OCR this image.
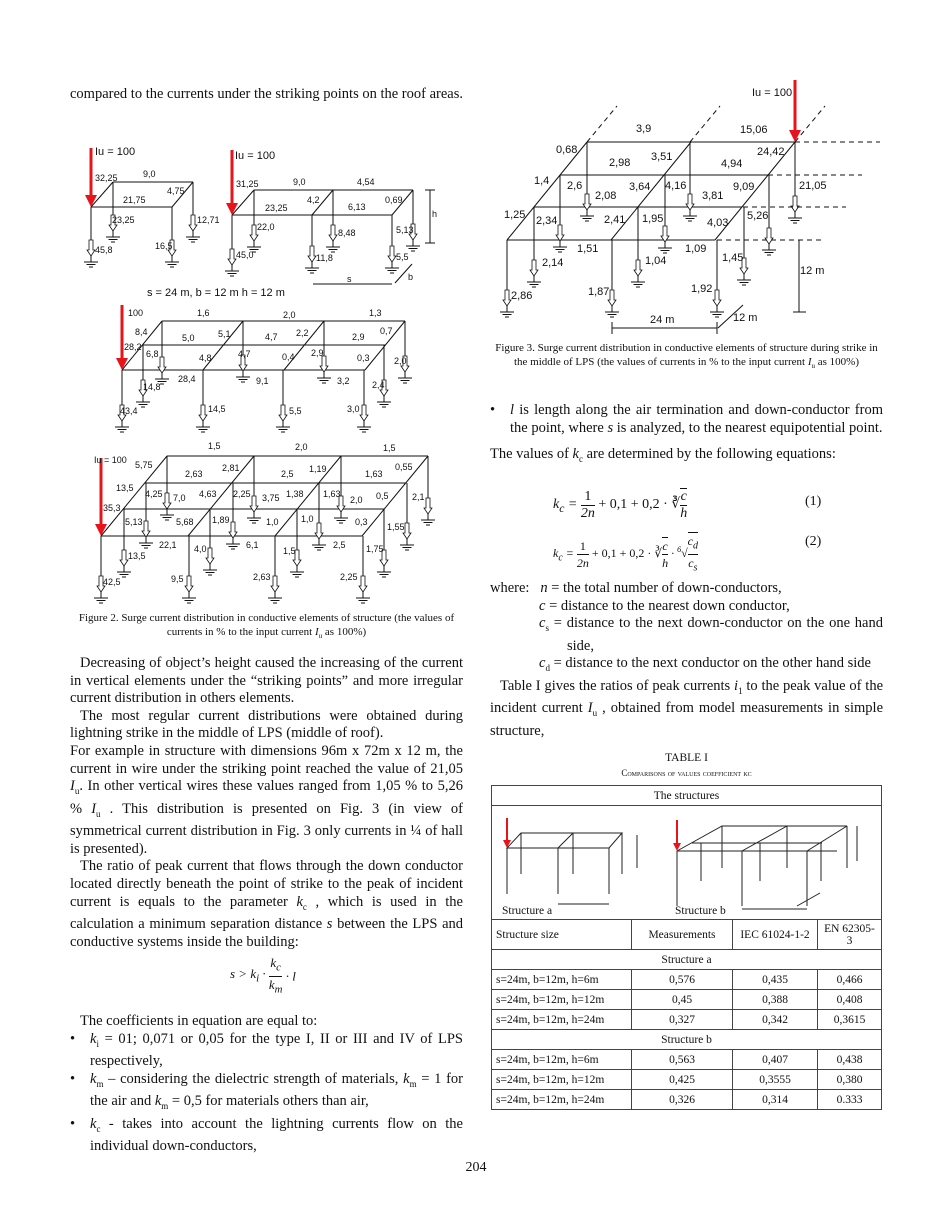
Iu = 100
32,25	9,0
21,75
4,75
23,25	12,71
16,5
45,8
Iu = 100
31,25	9,0	4,54
23,25
4,2
6,13
0,69
22,0
8,48	5,13
11,8	5,5
45,0
h
s	b
s = 24 m, b = 12 m h = 12 m
100	1,6	2,0	1,3
8,4	5,1	2,2	0,7
28,2
5,0	4,7	2,9
6,8	4,7	0,4 2,9	0,3
4,8	2,0
28,4	9,1	3,2
14,8	2,4
43,4	14,5	5,5	3,0
Iu = 100
1,5	2,0	1,5
5,75	2,81	1,19	0,55
2,63	2,5	1,63
13,5
4,25 7,0 4,63 2,25 3,75 1,38 1,63
2,0 0,5	2,1
35,3
5,13	5,68 1,89	1,0 1,0	0,3 1,55
22,1 4,0	6,1
1,5
2,5 1,75
13,5
42,5	9,5	2,63	2,25
Iu = 100
3,9	15,06
0,68
3,51	24,42
2,98	4,94
1,4 2,6	3,64 4,16	9,09	21,05
2,08	3,81
1,25 2,34	2,41 1,95	4,03
5,26
1,51	1,09
2,14	1,04	1,45
12 m
2,86	1,87	1,92
24 m	12 m

compared to the currents under the striking points on the roof areas.

Figure 2. Surge current distribution in conductive elements of structure (the values of currents in % to the input current $I_u$ as 100%)

Decreasing of object’s height caused the increasing of the current in vertical elements under the “striking points” and more irregular current distribution in others elements.

The most regular current distributions were obtained during lightning strike in the middle of LPS (middle of roof).

For example in structure with dimensions 96m x 72m x 12 m, the current in wire under the striking point reached the value of 21,05 $I_u$. In other vertical wires these values ranged from 1,05 % to 5,26 % $I_u$ . This distribution is presented on Fig. 3 (in view of symmetrical current distribution in Fig. 3 only currents in ¼ of hall is presented).

The ratio of peak current that flows through the down conductor located directly beneath the point of strike to the peak of incident current is equals to the parameter $k_c$ , which is used in the calculation a minimum separation distance s between the LPS and conductive systems inside the building:

$s > k_i \cdot \frac{k_c}{k_m} \cdot l$

The coefficients in equation are equal to:

• $k_i = 01$; 0,071 or 0,05 for the type I, II or III and IV of LPS respectively,

• $k_m$ – considering the dielectric strength of materials, $k_m = 1$ for the air and $k_m = 0,5$ for materials others than air,

• $k_c$ - takes into account the lightning currents flow on the individual down-conductors,

Figure 3. Surge current distribution in conductive elements of structure during strike in the middle of LPS (the values of currents in % to the input current $I_u$ as 100%)

• l is length along the air termination and down-conductor from the point, where s is analyzed, to the nearest equipotential point.

The values of $k_c$ are determined by the following equations:

$k_c = \frac{1}{2n} + 0,1 + 0,2$ · ∛ $\frac{c}{h}$	(1)
$k_c = \frac{1}{2n} + 0,1 + 0,2$ · ∛ $\frac{c}{h} \cdot ^6√ \frac{c_d}{c_s}$	(2)

where: n = the total number of down-conductors,

c = distance to the nearest down conductor,

$c_s$ = distance to the next down-conductor on the one hand side,

$c_d$ = distance to the next conductor on the other hand side

Table I gives the ratios of peak currents $i_1$ to the peak value of the incident current $I_u$ , obtained from model measurements in simple structure,

TABLE I
Comparisons of values coefficient kc
The structures			

Structure a Structure b			
Structure size	Measurements	IEC 61024-1-2	EN 62305-3
Structure a			
s=24m, b=12m, h=6m	0,576	0,435	0,466
s=24m, b=12m, h=12m	0,45	0,388	0,408
s=24m, b=12m, h=24m	0,327	0,342	0,3615
Structure b			
s=24m, b=12m, h=6m	0,563	0,407	0,438
s=24m, b=12m, h=12m	0,425	0,3555	0,380
s=24m, b=12m, h=24m	0,326	0,314	0.333
204
